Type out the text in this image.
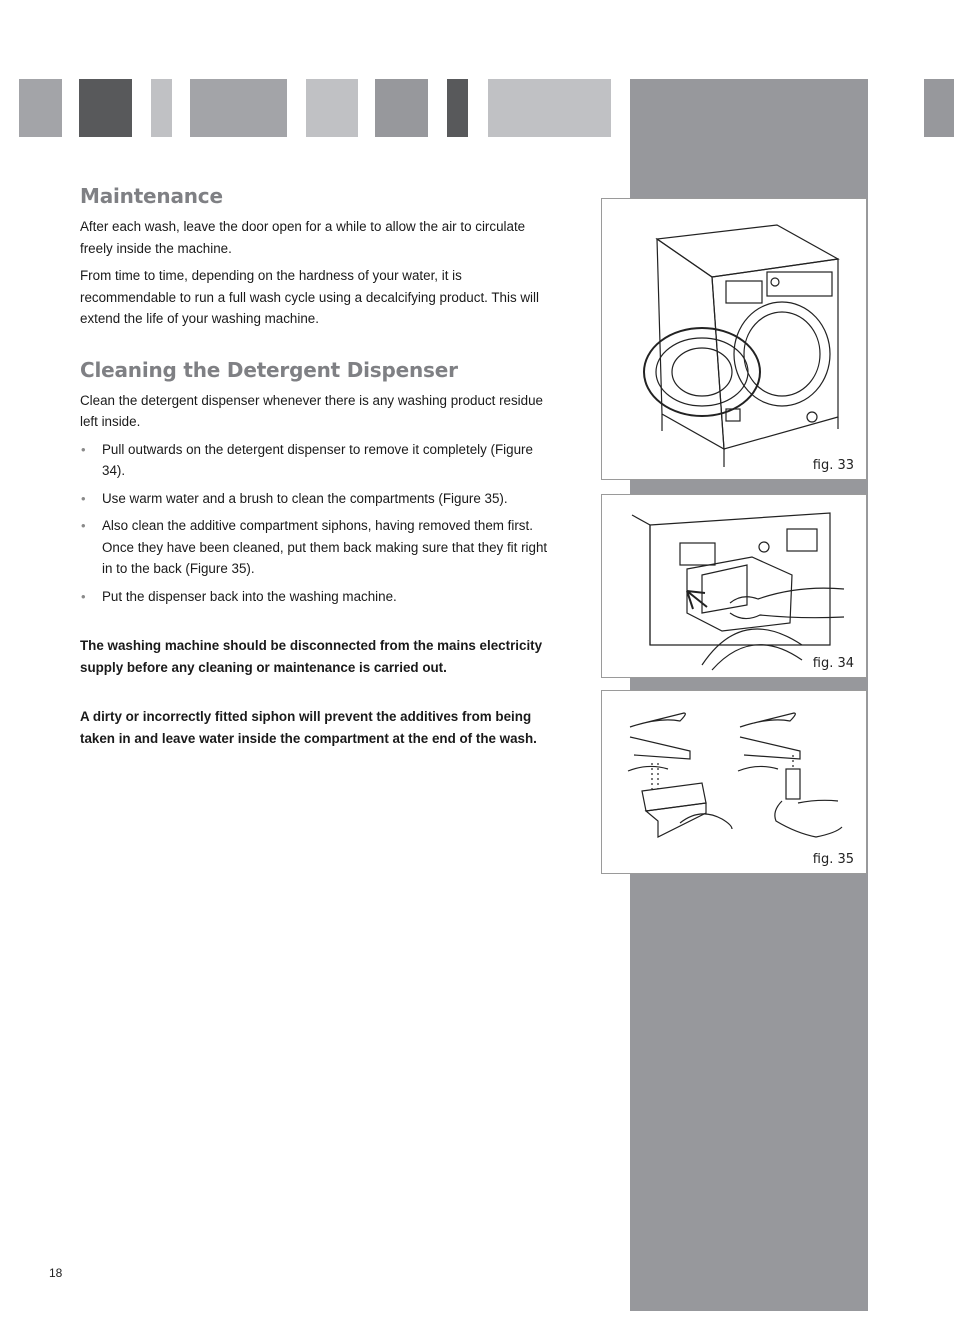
fig. 33
fig. 34
fig. 35
Maintenance

After each wash, leave the door open for a while to allow the air to circulate freely inside the machine.

From time to time, depending on the hardness of your water, it is recommendable to run a full wash cycle using a decalcifying product. This will extend the life of your washing machine.

Cleaning the Detergent Dispenser

Clean the detergent dispenser whenever there is any washing product residue left inside.

• Pull outwards on the detergent dispenser to remove it completely (Figure 34).
• Use warm water and a brush to clean the compartments (Figure 35).
• Also clean the additive compartment siphons, having removed them first. Once they have been cleaned, put them back making sure that they fit right in to the back (Figure 35).
• Put the dispenser back into the washing machine.

The washing machine should be disconnected from the mains electricity supply before any cleaning or maintenance is carried out.

A dirty or incorrectly fitted siphon will prevent the additives from being taken in and leave water inside the compartment at the end of the wash.

18
